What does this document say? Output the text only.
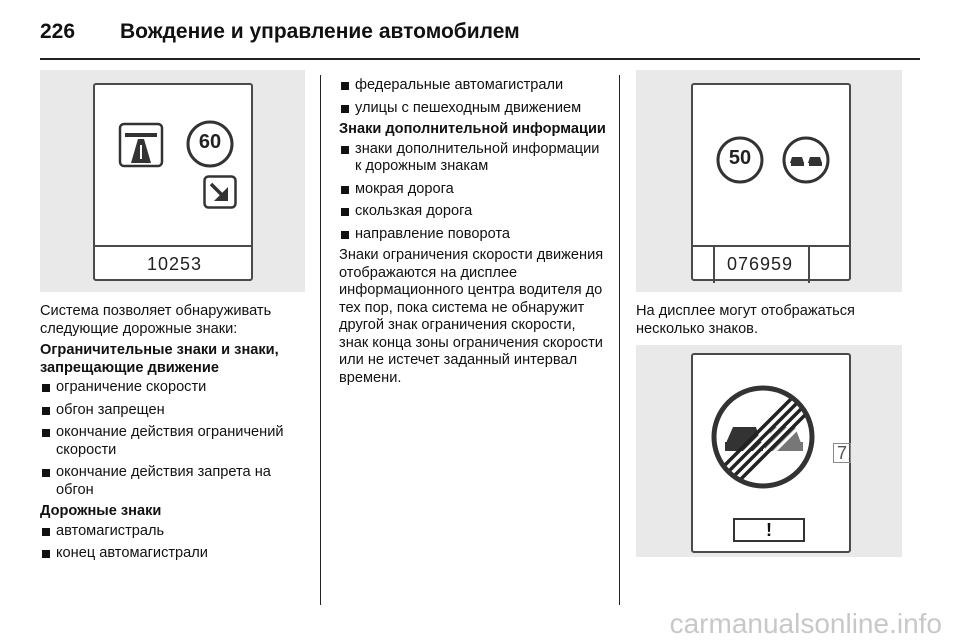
226 Вождение и управление автомобилем
60
10253

Система позволяет обнаруживать следующие дорожные знаки:

Ограничительные знаки и знаки, запрещающие движение

ограничение скорости
обгон запрещен
окончание действия ограничений скорости
окончание действия запрета на обгон

Дорожные знаки

автомагистраль
конец автомагистрали
федеральные автомагистрали
улицы с пешеходным движением

Знаки дополнительной информации

знаки дополнительной информации к дорожным знакам
мокрая дорога
скользкая дорога
направление поворота

Знаки ограничения скорости движения отображаются на дисплее информационного центра водителя до тех пор, пока система не обнаружит другой знак ограничения скорости, знак конца зоны ограничения скорости или не истечет заданный интервал времени.

50
076959

На дисплее могут отображаться несколько знаков.

7
!
carmanualsonline.info
